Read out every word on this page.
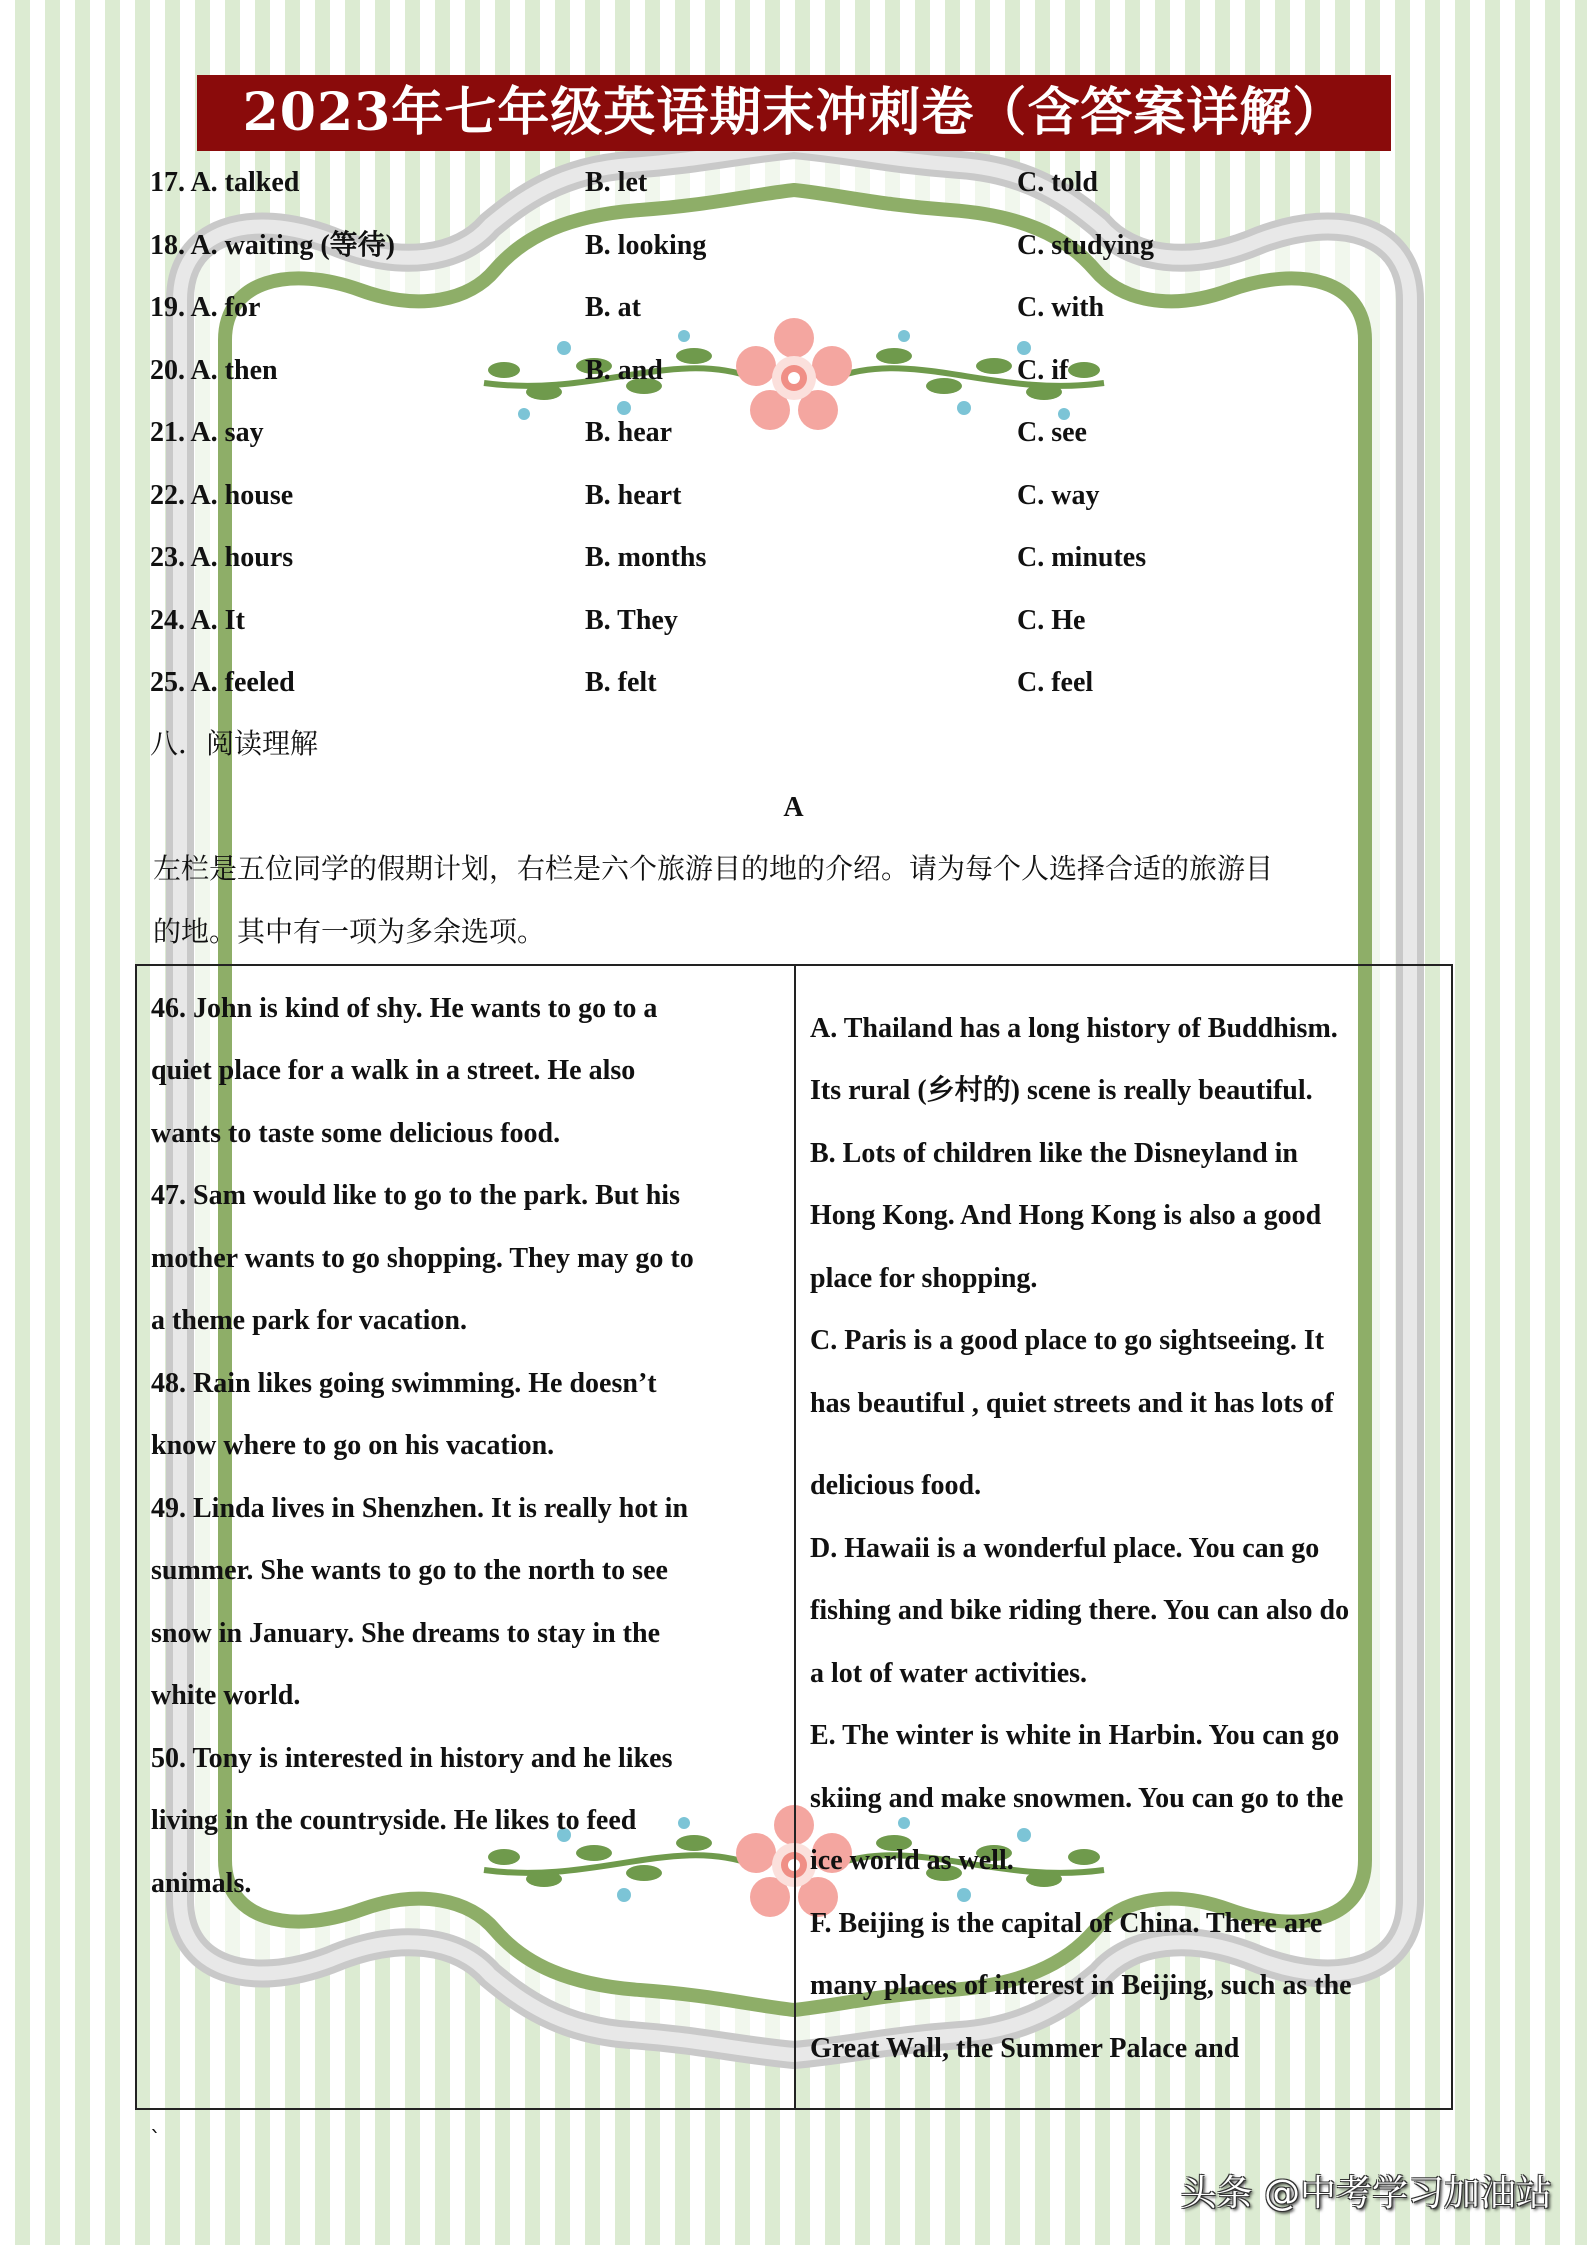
2023年七年级英语期末冲刺卷（含答案详解）
17. A. talked	B. let	C. told
18. A. waiting (等待)	B. looking	C. studying
19. A. for	B. at	C. with
20. A. then	B. and	C. if
21. A. say	B. hear	C. see
22. A. house	B. heart	C. way
23. A. hours	B. months	C. minutes
24. A. It	B. They	C. He
25. A. feeled	B. felt	C. feel
八．阅读理解
A
左栏是五位同学的假期计划，右栏是六个旅游目的地的介绍。请为每个人选择合适的旅游目
的地。其中有一项为多余选项。
46. John is kind of shy. He wants to go to a
quiet place for a walk in a street. He also
wants to taste some delicious food.
47. Sam would like to go to the park. But his
mother wants to go shopping. They may go to
a theme park for vacation.
48. Rain likes going swimming. He doesn’t
know where to go on his vacation.
49. Linda lives in Shenzhen. It is really hot in
summer. She wants to go to the north to see
snow in January. She dreams to stay in the
white world.
50. Tony is interested in history and he likes
living in the countryside. He likes to feed
animals.
A. Thailand has a long history of Buddhism.
Its rural (乡村的) scene is really beautiful.
B. Lots of children like the Disneyland in
Hong Kong. And Hong Kong is also a good
place for shopping.
C. Paris is a good place to go sightseeing. It
has beautiful , quiet streets and it has lots of
delicious food.
D. Hawaii is a wonderful place. You can go
fishing and bike riding there. You can also do
a lot of water activities.
E. The winter is white in Harbin. You can go
skiing and make snowmen. You can go to the
ice world as well.
F. Beijing is the capital of China. There are
many places of interest in Beijing, such as the
Great Wall, the Summer Palace and
`
头条 @中考学习加油站
